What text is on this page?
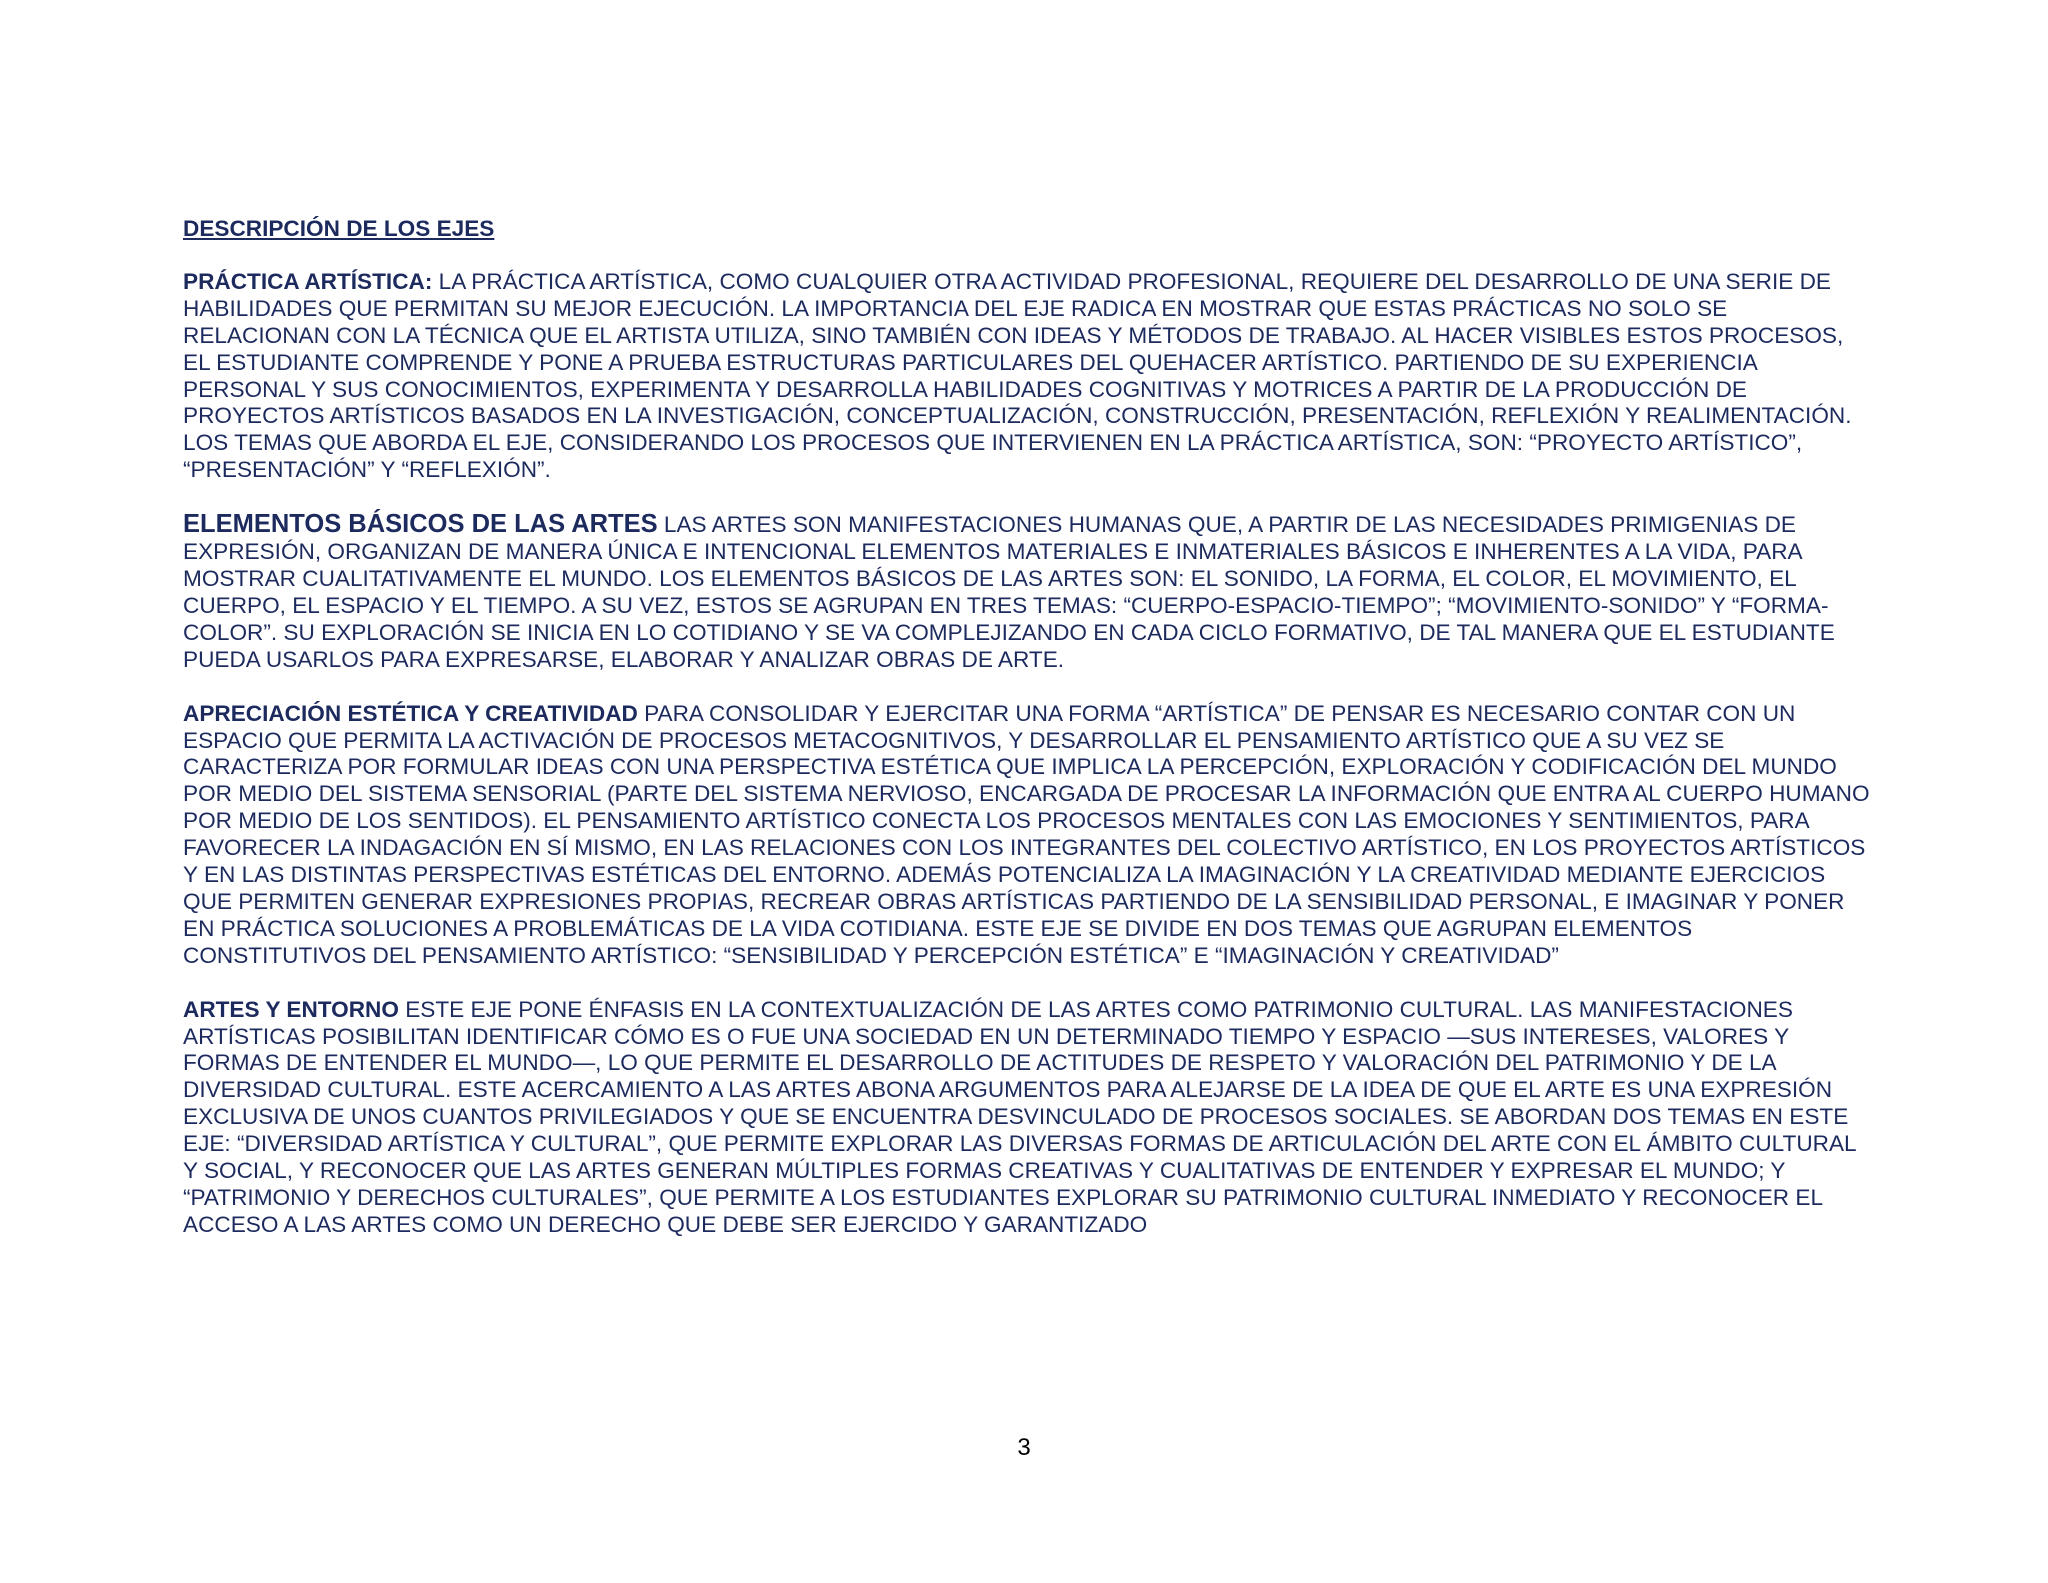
DESCRIPCIÓN DE LOS EJES

PRÁCTICA ARTÍSTICA: LA PRÁCTICA ARTÍSTICA, COMO CUALQUIER OTRA ACTIVIDAD PROFESIONAL, REQUIERE DEL DESARROLLO DE UNA SERIE DE HABILIDADES QUE PERMITAN SU MEJOR EJECUCIÓN. LA IMPORTANCIA DEL EJE RADICA EN MOSTRAR QUE ESTAS PRÁCTICAS NO SOLO SE RELACIONAN CON LA TÉCNICA QUE EL ARTISTA UTILIZA, SINO TAMBIÉN CON IDEAS Y MÉTODOS DE TRABAJO. AL HACER VISIBLES ESTOS PROCESOS, EL ESTUDIANTE COMPRENDE Y PONE A PRUEBA ESTRUCTURAS PARTICULARES DEL QUEHACER ARTÍSTICO. PARTIENDO DE SU EXPERIENCIA PERSONAL Y SUS CONOCIMIENTOS, EXPERIMENTA Y DESARROLLA HABILIDADES COGNITIVAS Y MOTRICES A PARTIR DE LA PRODUCCIÓN DE PROYECTOS ARTÍSTICOS BASADOS EN LA INVESTIGACIÓN, CONCEPTUALIZACIÓN, CONSTRUCCIÓN, PRESENTACIÓN, REFLEXIÓN Y REALIMENTACIÓN. LOS TEMAS QUE ABORDA EL EJE, CONSIDERANDO LOS PROCESOS QUE INTERVIENEN EN LA PRÁCTICA ARTÍSTICA, SON: “PROYECTO ARTÍSTICO”, “PRESENTACIÓN” Y “REFLEXIÓN”.

ELEMENTOS BÁSICOS DE LAS ARTES LAS ARTES SON MANIFESTACIONES HUMANAS QUE, A PARTIR DE LAS NECESIDADES PRIMIGENIAS DE EXPRESIÓN, ORGANIZAN DE MANERA ÚNICA E INTENCIONAL ELEMENTOS MATERIALES E INMATERIALES BÁSICOS E INHERENTES A LA VIDA, PARA MOSTRAR CUALITATIVAMENTE EL MUNDO. LOS ELEMENTOS BÁSICOS DE LAS ARTES SON: EL SONIDO, LA FORMA, EL COLOR, EL MOVIMIENTO, EL CUERPO, EL ESPACIO Y EL TIEMPO. A SU VEZ, ESTOS SE AGRUPAN EN TRES TEMAS: “CUERPO-ESPACIO-TIEMPO”; “MOVIMIENTO-SONIDO” Y “FORMA-COLOR”. SU EXPLORACIÓN SE INICIA EN LO COTIDIANO Y SE VA COMPLEJIZANDO EN CADA CICLO FORMATIVO, DE TAL MANERA QUE EL ESTUDIANTE PUEDA USARLOS PARA EXPRESARSE, ELABORAR Y ANALIZAR OBRAS DE ARTE.

APRECIACIÓN ESTÉTICA Y CREATIVIDAD PARA CONSOLIDAR Y EJERCITAR UNA FORMA “ARTÍSTICA” DE PENSAR ES NECESARIO CONTAR CON UN ESPACIO QUE PERMITA LA ACTIVACIÓN DE PROCESOS METACOGNITIVOS, Y DESARROLLAR EL PENSAMIENTO ARTÍSTICO QUE A SU VEZ SE CARACTERIZA POR FORMULAR IDEAS CON UNA PERSPECTIVA ESTÉTICA QUE IMPLICA LA PERCEPCIÓN, EXPLORACIÓN Y CODIFICACIÓN DEL MUNDO POR MEDIO DEL SISTEMA SENSORIAL (PARTE DEL SISTEMA NERVIOSO, ENCARGADA DE PROCESAR LA INFORMACIÓN QUE ENTRA AL CUERPO HUMANO POR MEDIO DE LOS SENTIDOS). EL PENSAMIENTO ARTÍSTICO CONECTA LOS PROCESOS MENTALES CON LAS EMOCIONES Y SENTIMIENTOS, PARA FAVORECER LA INDAGACIÓN EN SÍ MISMO, EN LAS RELACIONES CON LOS INTEGRANTES DEL COLECTIVO ARTÍSTICO, EN LOS PROYECTOS ARTÍSTICOS Y EN LAS DISTINTAS PERSPECTIVAS ESTÉTICAS DEL ENTORNO. ADEMÁS POTENCIALIZA LA IMAGINACIÓN Y LA CREATIVIDAD MEDIANTE EJERCICIOS QUE PERMITEN GENERAR EXPRESIONES PROPIAS, RECREAR OBRAS ARTÍSTICAS PARTIENDO DE LA SENSIBILIDAD PERSONAL, E IMAGINAR Y PONER EN PRÁCTICA SOLUCIONES A PROBLEMÁTICAS DE LA VIDA COTIDIANA. ESTE EJE SE DIVIDE EN DOS TEMAS QUE AGRUPAN ELEMENTOS CONSTITUTIVOS DEL PENSAMIENTO ARTÍSTICO: “SENSIBILIDAD Y PERCEPCIÓN ESTÉTICA” E “IMAGINACIÓN Y CREATIVIDAD”

ARTES Y ENTORNO ESTE EJE PONE ÉNFASIS EN LA CONTEXTUALIZACIÓN DE LAS ARTES COMO PATRIMONIO CULTURAL. LAS MANIFESTACIONES ARTÍSTICAS POSIBILITAN IDENTIFICAR CÓMO ES O FUE UNA SOCIEDAD EN UN DETERMINADO TIEMPO Y ESPACIO —SUS INTERESES, VALORES Y FORMAS DE ENTENDER EL MUNDO—, LO QUE PERMITE EL DESARROLLO DE ACTITUDES DE RESPETO Y VALORACIÓN DEL PATRIMONIO Y DE LA DIVERSIDAD CULTURAL. ESTE ACERCAMIENTO A LAS ARTES ABONA ARGUMENTOS PARA ALEJARSE DE LA IDEA DE QUE EL ARTE ES UNA EXPRESIÓN EXCLUSIVA DE UNOS CUANTOS PRIVILEGIADOS Y QUE SE ENCUENTRA DESVINCULADO DE PROCESOS SOCIALES. SE ABORDAN DOS TEMAS EN ESTE EJE: “DIVERSIDAD ARTÍSTICA Y CULTURAL”, QUE PERMITE EXPLORAR LAS DIVERSAS FORMAS DE ARTICULACIÓN DEL ARTE CON EL ÁMBITO CULTURAL Y SOCIAL, Y RECONOCER QUE LAS ARTES GENERAN MÚLTIPLES FORMAS CREATIVAS Y CUALITATIVAS DE ENTENDER Y EXPRESAR EL MUNDO; Y “PATRIMONIO Y DERECHOS CULTURALES”, QUE PERMITE A LOS ESTUDIANTES EXPLORAR SU PATRIMONIO CULTURAL INMEDIATO Y RECONOCER EL ACCESO A LAS ARTES COMO UN DERECHO QUE DEBE SER EJERCIDO Y GARANTIZADO

3
